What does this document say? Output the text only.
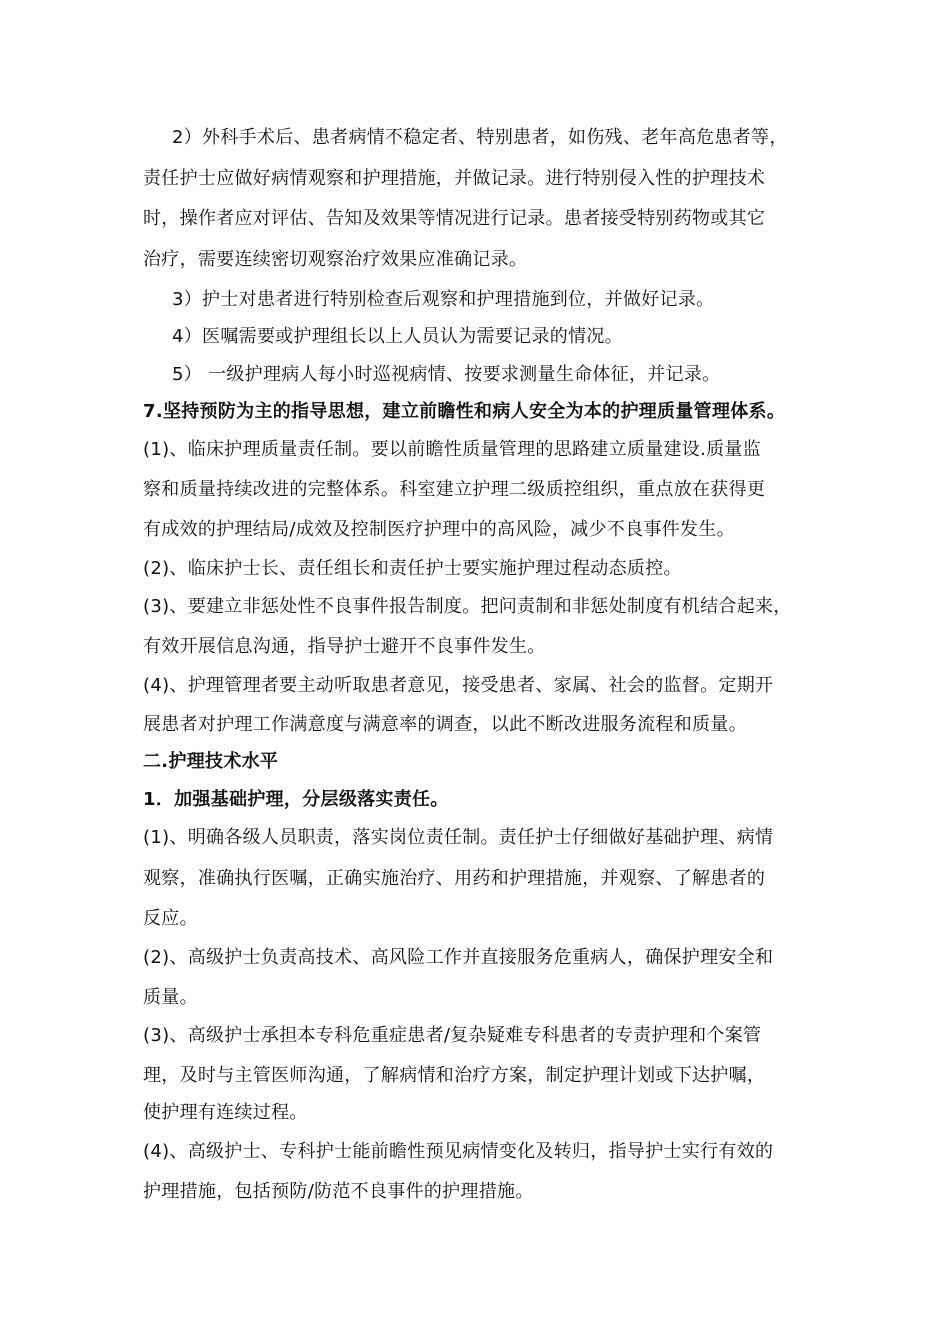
2）外科手术后、患者病情不稳定者、特别患者，如伤残、老年高危患者等，
责任护士应做好病情观察和护理措施，并做记录。进行特别侵入性的护理技术
时，操作者应对评估、告知及效果等情况进行记录。患者接受特别药物或其它
治疗，需要连续密切观察治疗效果应准确记录。
3）护士对患者进行特别检查后观察和护理措施到位，并做好记录。
4）医嘱需要或护理组长以上人员认为需要记录的情况。
5） 一级护理病人每小时巡视病情、按要求测量生命体征，并记录。
7.坚持预防为主的指导思想，建立前瞻性和病人安全为本的护理质量管理体系。
(1)、临床护理质量责任制。要以前瞻性质量管理的思路建立质量建设.质量监
察和质量持续改进的完整体系。科室建立护理二级质控组织，重点放在获得更
有成效的护理结局/成效及控制医疗护理中的高风险，减少不良事件发生。
(2)、临床护士长、责任组长和责任护士要实施护理过程动态质控。
(3)、要建立非惩处性不良事件报告制度。把问责制和非惩处制度有机结合起来，
有效开展信息沟通，指导护士避开不良事件发生。
(4)、护理管理者要主动听取患者意见，接受患者、家属、社会的监督。定期开
展患者对护理工作满意度与满意率的调查，以此不断改进服务流程和质量。
二.护理技术水平
1．加强基础护理，分层级落实责任。
(1)、明确各级人员职责，落实岗位责任制。责任护士仔细做好基础护理、病情
观察，准确执行医嘱，正确实施治疗、用药和护理措施，并观察、了解患者的
反应。
(2)、高级护士负责高技术、高风险工作并直接服务危重病人，确保护理安全和
质量。
(3)、高级护士承担本专科危重症患者/复杂疑难专科患者的专责护理和个案管
理，及时与主管医师沟通，了解病情和治疗方案，制定护理计划或下达护嘱，
使护理有连续过程。
(4)、高级护士、专科护士能前瞻性预见病情变化及转归，指导护士实行有效的
护理措施，包括预防/防范不良事件的护理措施。
